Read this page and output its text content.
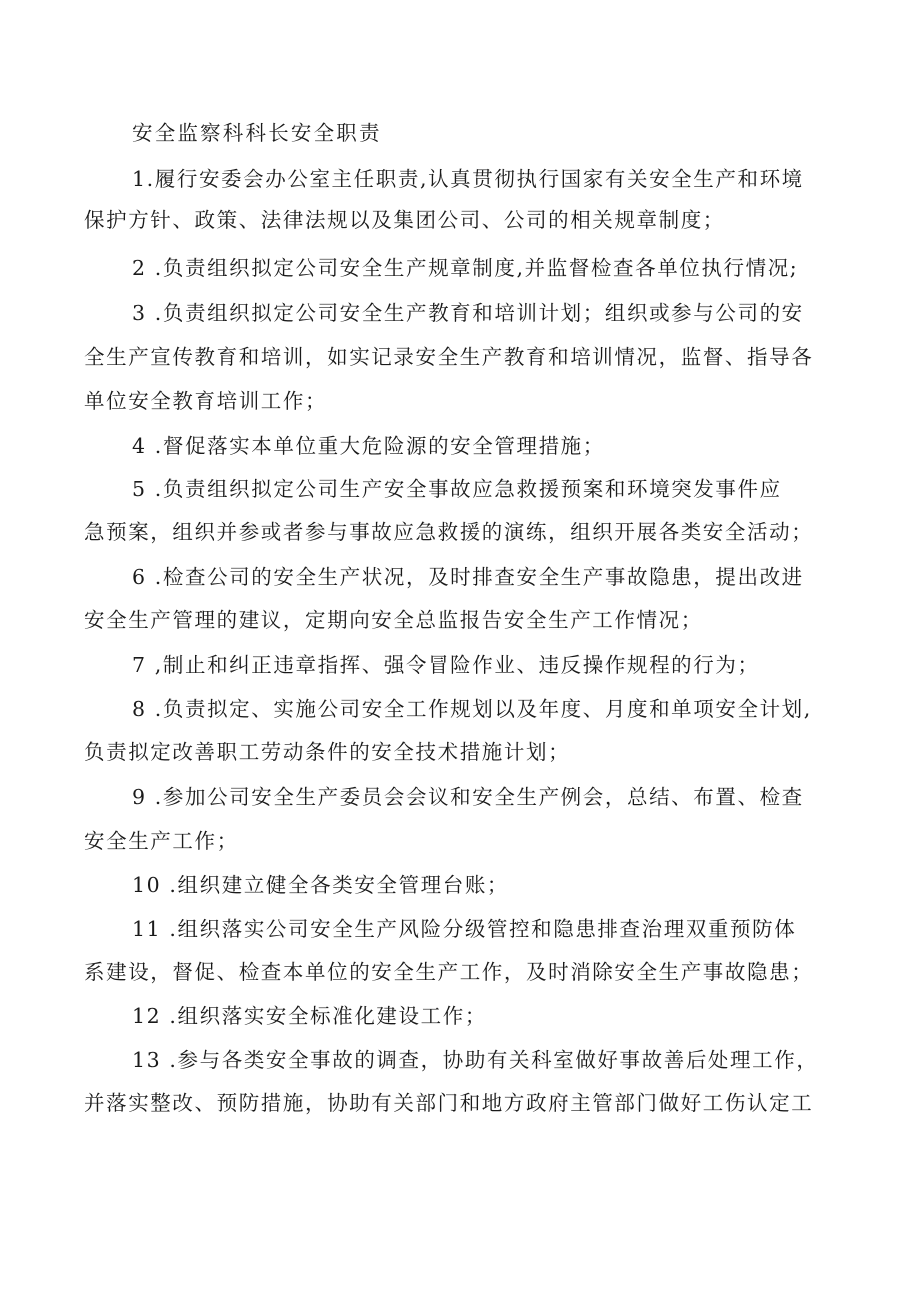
安全监察科科长安全职责
1.履行安委会办公室主任职责,认真贯彻执行国家有关安全生产和环境
保护方针、政策、法律法规以及集团公司、公司的相关规章制度；
2 .负责组织拟定公司安全生产规章制度,并监督检查各单位执行情况;
3 .负责组织拟定公司安全生产教育和培训计划；组织或参与公司的安
全生产宣传教育和培训，如实记录安全生产教育和培训情况，监督、指导各
单位安全教育培训工作；
4 .督促落实本单位重大危险源的安全管理措施；
5 .负责组织拟定公司生产安全事故应急救援预案和环境突发事件应
急预案，组织并参或者参与事故应急救援的演练，组织开展各类安全活动；
6 .检查公司的安全生产状况，及时排查安全生产事故隐患，提出改进
安全生产管理的建议，定期向安全总监报告安全生产工作情况；
7 ,制止和纠正违章指挥、强令冒险作业、违反操作规程的行为；
8 .负责拟定、实施公司安全工作规划以及年度、月度和单项安全计划,
负责拟定改善职工劳动条件的安全技术措施计划；
9 .参加公司安全生产委员会会议和安全生产例会，总结、布置、检查
安全生产工作；
10 .组织建立健全各类安全管理台账；
11 .组织落实公司安全生产风险分级管控和隐患排查治理双重预防体
系建设，督促、检查本单位的安全生产工作，及时消除安全生产事故隐患；
12 .组织落实安全标准化建设工作；
13 .参与各类安全事故的调查，协助有关科室做好事故善后处理工作，
并落实整改、预防措施，协助有关部门和地方政府主管部门做好工伤认定工
